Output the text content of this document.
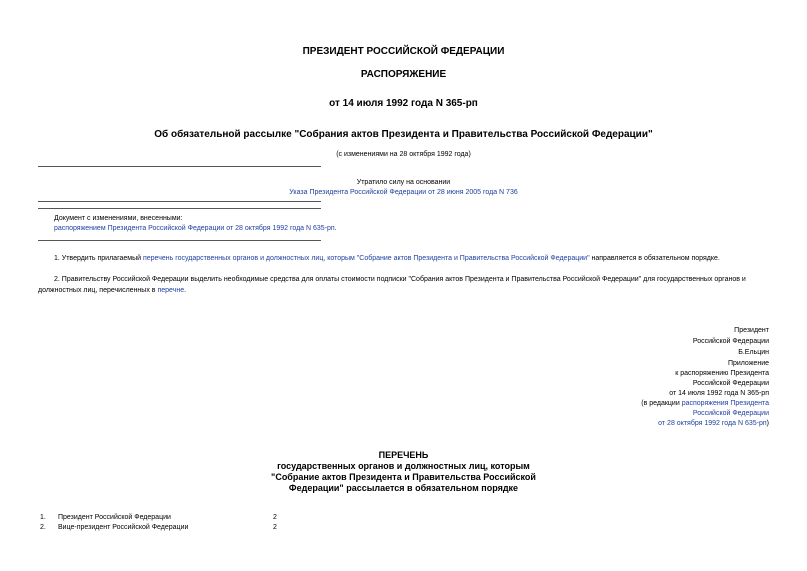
ПРЕЗИДЕНТ РОССИЙСКОЙ ФЕДЕРАЦИИ
РАСПОРЯЖЕНИЕ
от 14 июля 1992 года N 365-рп
Об обязательной рассылке "Собрания актов Президента и Правительства Российской Федерации"
(с изменениями на 28 октября 1992 года)
Утратило силу на основании
Указа Президента Российской Федерации от 28 июня 2005 года N 736
Документ с изменениями, внесенными:
распоряжением Президента Российской Федерации от 28 октября 1992 года N 635-рп.
1. Утвердить прилагаемый перечень государственных органов и должностных лиц, которым "Собрание актов Президента и Правительства Российской Федерации" направляется в обязательном порядке.
2. Правительству Российской Федерации выделить необходимые средства для оплаты стоимости подписки "Собрания актов Президента и Правительства Российской Федерации" для государственных органов и
должностных лиц, перечисленных в перечне.
Президент
Российской Федерации
Б.Ельцин
Приложение
к распоряжению Президента
Российской Федерации
от 14 июля 1992 года N 365-рп
(в редакции распоряжения Президента
Российской Федерации
от 28 октября 1992 года N 635-рп)
ПЕРЕЧЕНЬ
государственных органов и должностных лиц, которым
"Собрание актов Президента и Правительства Российской
Федерации" рассылается в обязательном порядке
1. Президент Российской Федерации	2
2. Вице-президент Российской Федерации	2
